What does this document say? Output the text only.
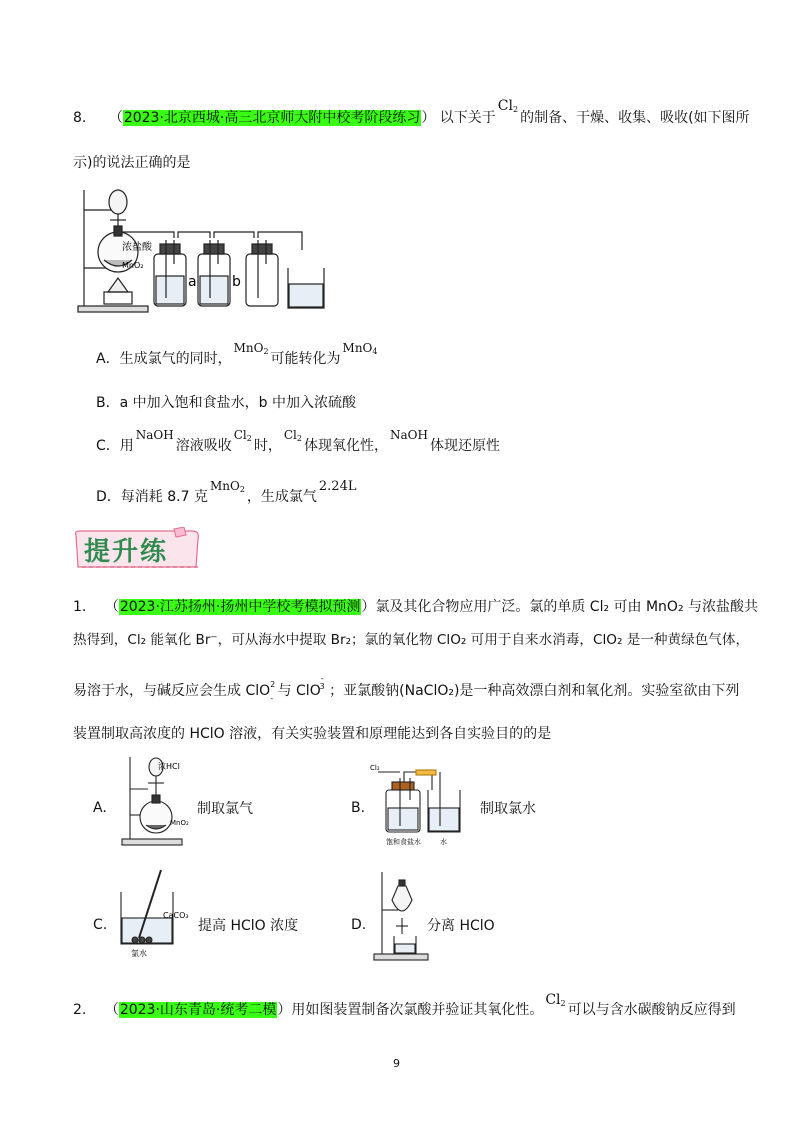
8. （2023·北京西城·高三北京师大附中校考阶段练习） 以下关于$Cl_2$的制备、干燥、收集、吸收(如下图所
示)的说法正确的是
浓盐酸
MnO₂
a	b
A．生成氯气的同时，MnO$_2$ 可能转化为MnO$_4$
B．a 中加入饱和食盐水，b 中加入浓硫酸
C．用NaOH溶液吸收$Cl_2$ 时，$Cl_2$ 体现氧化性，NaOH体现还原性
D．每消耗 8.7 克MnO$_2$ ，生成氯气2.24L
提升练
1. （2023·江苏扬州·扬州中学校考模拟预测）氯及其化合物应用广泛。氯的单质 Cl₂ 可由 MnO₂ 与浓盐酸共
热得到，Cl₂ 能氧化 Br⁻，可从海水中提取 Br₂；氯的氧化物 ClO₂ 可用于自来水消毒，ClO₂ 是一种黄绿色气体，
易溶于水，与碱反应会生成 ClO$^2_-$ 与 ClO$^{-3}$ ；亚氯酸钠(NaClO₂)是一种高效漂白剂和氧化剂。实验室欲由下列
装置制取高浓度的 HClO 溶液，有关实验装置和原理能达到各自实验目的的是
A.
浓HCl
MnO₂
制取氯气	B.
Cl₂
饱和食盐水	水
制取氯水
C.
CaCO₃
氯水
提高 HClO 浓度	D.	分离 HClO
2. （2023·山东青岛·统考二模）用如图装置制备次氯酸并验证其氧化性。$Cl_2$ 可以与含水碳酸钠反应得到
9
